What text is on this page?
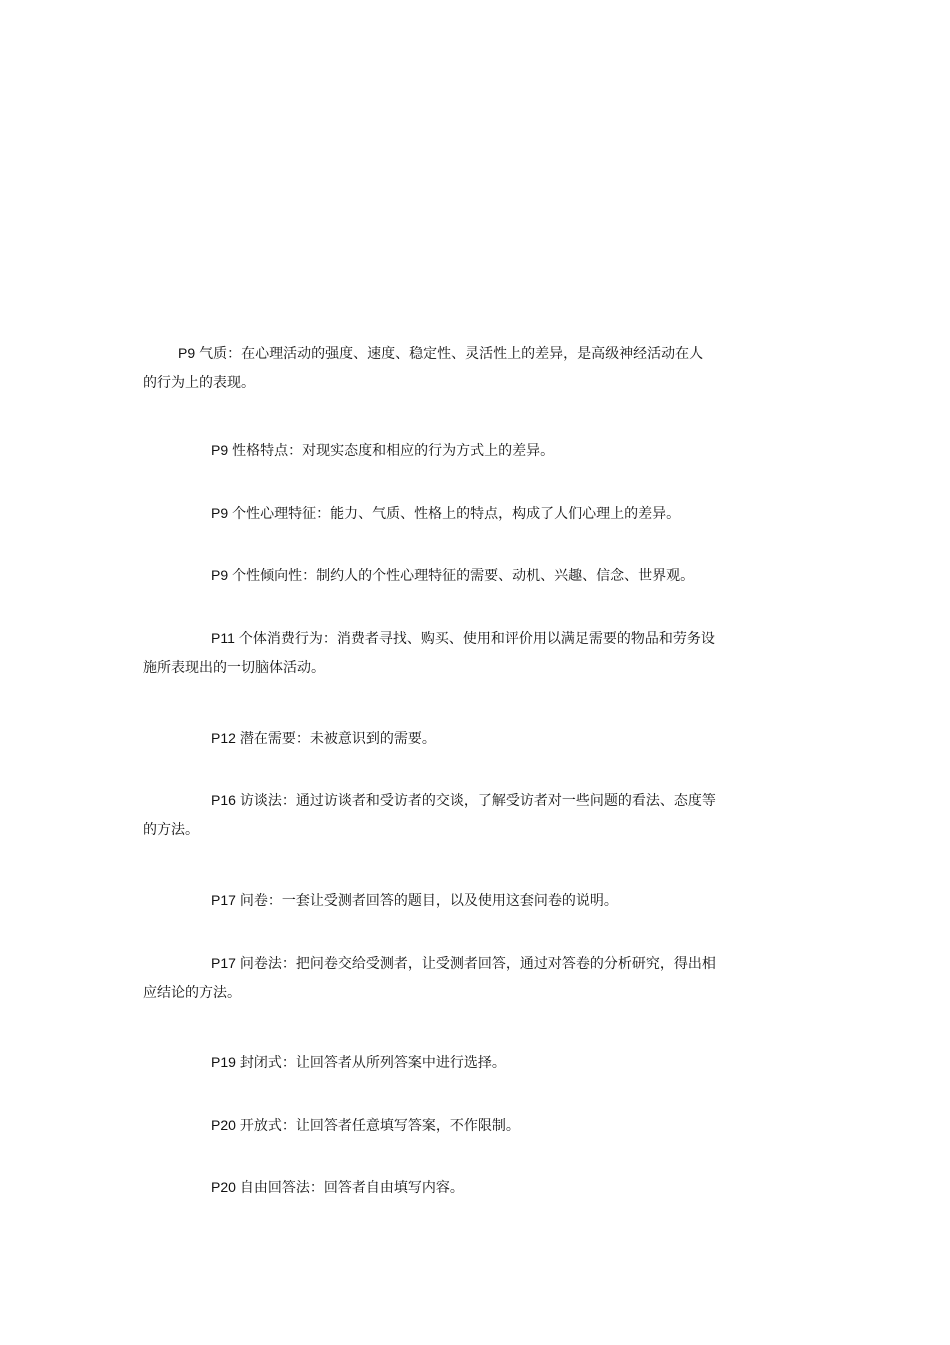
P9 气质：在心理活动的强度、速度、稳定性、灵活性上的差异，是高级神经活动在人
的行为上的表现。
P9 性格特点：对现实态度和相应的行为方式上的差异。
P9 个性心理特征：能力、气质、性格上的特点，构成了人们心理上的差异。
P9 个性倾向性：制约人的个性心理特征的需要、动机、兴趣、信念、世界观。
P11 个体消费行为：消费者寻找、购买、使用和评价用以满足需要的物品和劳务设
施所表现出的一切脑体活动。
P12 潜在需要：未被意识到的需要。
P16 访谈法：通过访谈者和受访者的交谈，了解受访者对一些问题的看法、态度等
的方法。
P17 问卷：一套让受测者回答的题目，以及使用这套问卷的说明。
P17 问卷法：把问卷交给受测者，让受测者回答，通过对答卷的分析研究，得出相
应结论的方法。
P19 封闭式：让回答者从所列答案中进行选择。
P20 开放式：让回答者任意填写答案，不作限制。
P20 自由回答法：回答者自由填写内容。
